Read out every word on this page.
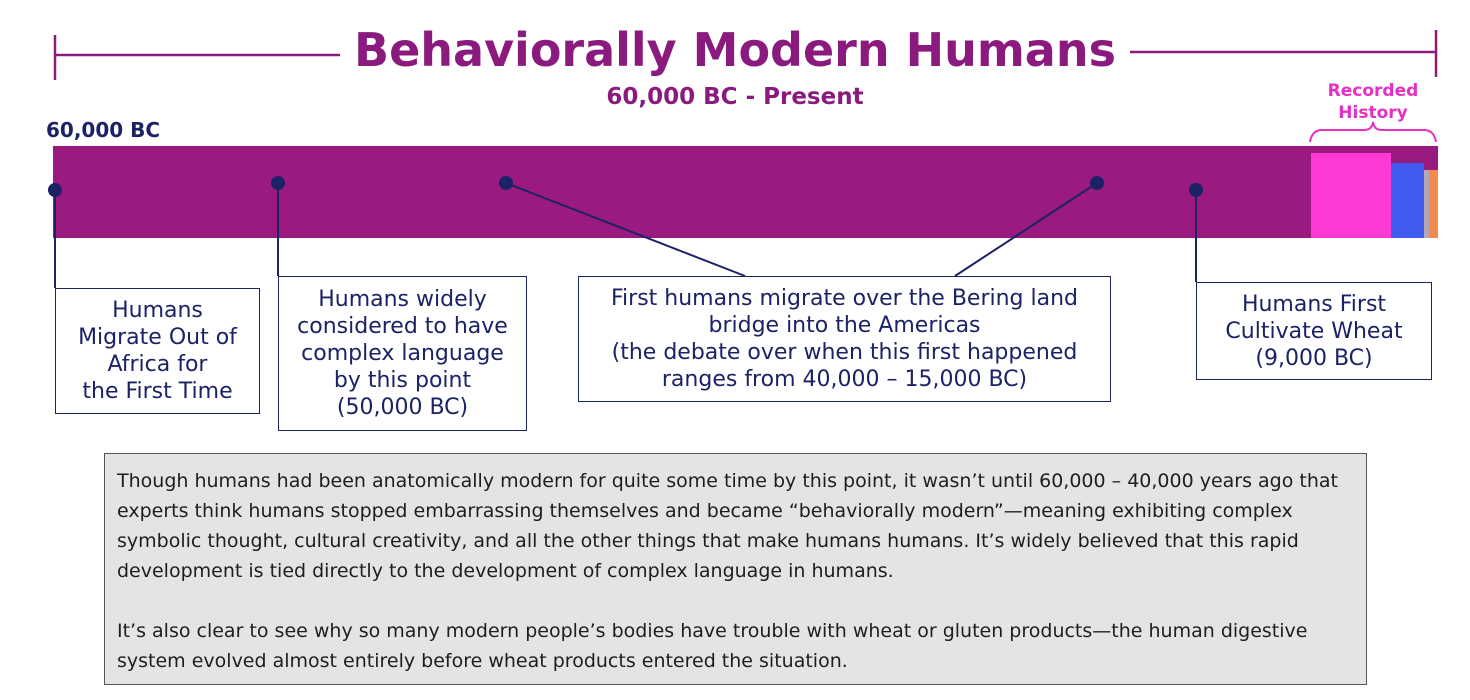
Behaviorally Modern Humans
60,000 BC - Present
60,000 BC
Recorded
History
Humans
Migrate Out of
Africa for
the First Time
Humans widely
considered to have
complex language
by this point
(50,000 BC)
First humans migrate over the Bering land
bridge into the Americas
(the debate over when this first happened
ranges from 40,000 – 15,000 BC)
Humans First
Cultivate Wheat
(9,000 BC)

Though humans had been anatomically modern for quite some time by this point, it wasn’t until 60,000 – 40,000 years ago that experts think humans stopped embarrassing themselves and became “behaviorally modern”—meaning exhibiting complex symbolic thought, cultural creativity, and all the other things that make humans humans. It’s widely believed that this rapid development is tied directly to the development of complex language in humans.

It’s also clear to see why so many modern people’s bodies have trouble with wheat or gluten products—the human digestive system evolved almost entirely before wheat products entered the situation.
